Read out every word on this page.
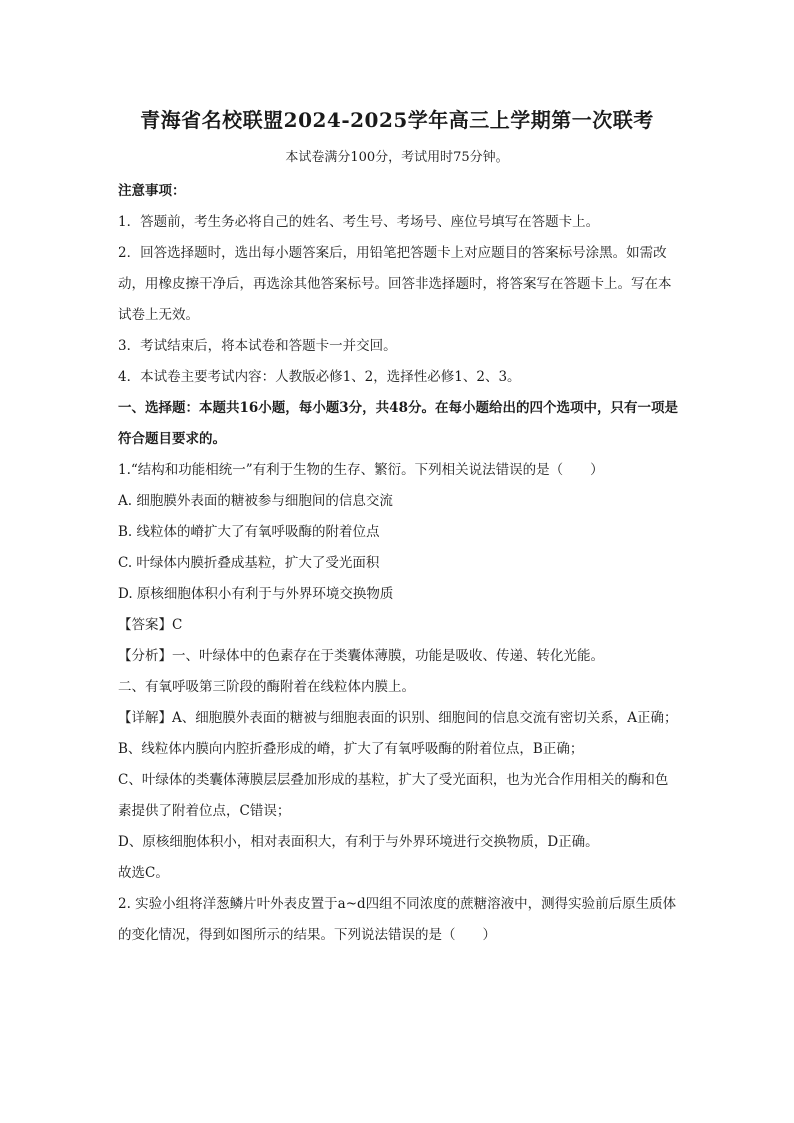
青海省名校联盟2024-2025学年高三上学期第一次联考
本试卷满分100分，考试用时75分钟。

注意事项：

1．答题前，考生务必将自己的姓名、考生号、考场号、座位号填写在答题卡上。

2．回答选择题时，选出每小题答案后，用铅笔把答题卡上对应题目的答案标号涂黑。如需改动，用橡皮擦干净后，再选涂其他答案标号。回答非选择题时，将答案写在答题卡上。写在本试卷上无效。

3．考试结束后，将本试卷和答题卡一并交回。

4．本试卷主要考试内容：人教版必修1、2，选择性必修1、2、3。

一、选择题：本题共16小题，每小题3分，共48分。在每小题给出的四个选项中，只有一项是符合题目要求的。

1.“结构和功能相统一”有利于生物的生存、繁衍。下列相关说法错误的是（　　）

A. 细胞膜外表面的糖被参与细胞间的信息交流

B. 线粒体的嵴扩大了有氧呼吸酶的附着位点

C. 叶绿体内膜折叠成基粒，扩大了受光面积

D. 原核细胞体积小有利于与外界环境交换物质

【答案】C

【分析】一、叶绿体中的色素存在于类囊体薄膜，功能是吸收、传递、转化光能。

二、有氧呼吸第三阶段的酶附着在线粒体内膜上。

【详解】A、细胞膜外表面的糖被与细胞表面的识别、细胞间的信息交流有密切关系，A正确；

B、线粒体内膜向内腔折叠形成的嵴，扩大了有氧呼吸酶的附着位点，B正确；

C、叶绿体的类囊体薄膜层层叠加形成的基粒，扩大了受光面积，也为光合作用相关的酶和色素提供了附着位点，C错误；

D、原核细胞体积小，相对表面积大，有利于与外界环境进行交换物质，D正确。

故选C。

2. 实验小组将洋葱鳞片叶外表皮置于a~d四组不同浓度的蔗糖溶液中，测得实验前后原生质体的变化情况，得到如图所示的结果。下列说法错误的是（　　）
